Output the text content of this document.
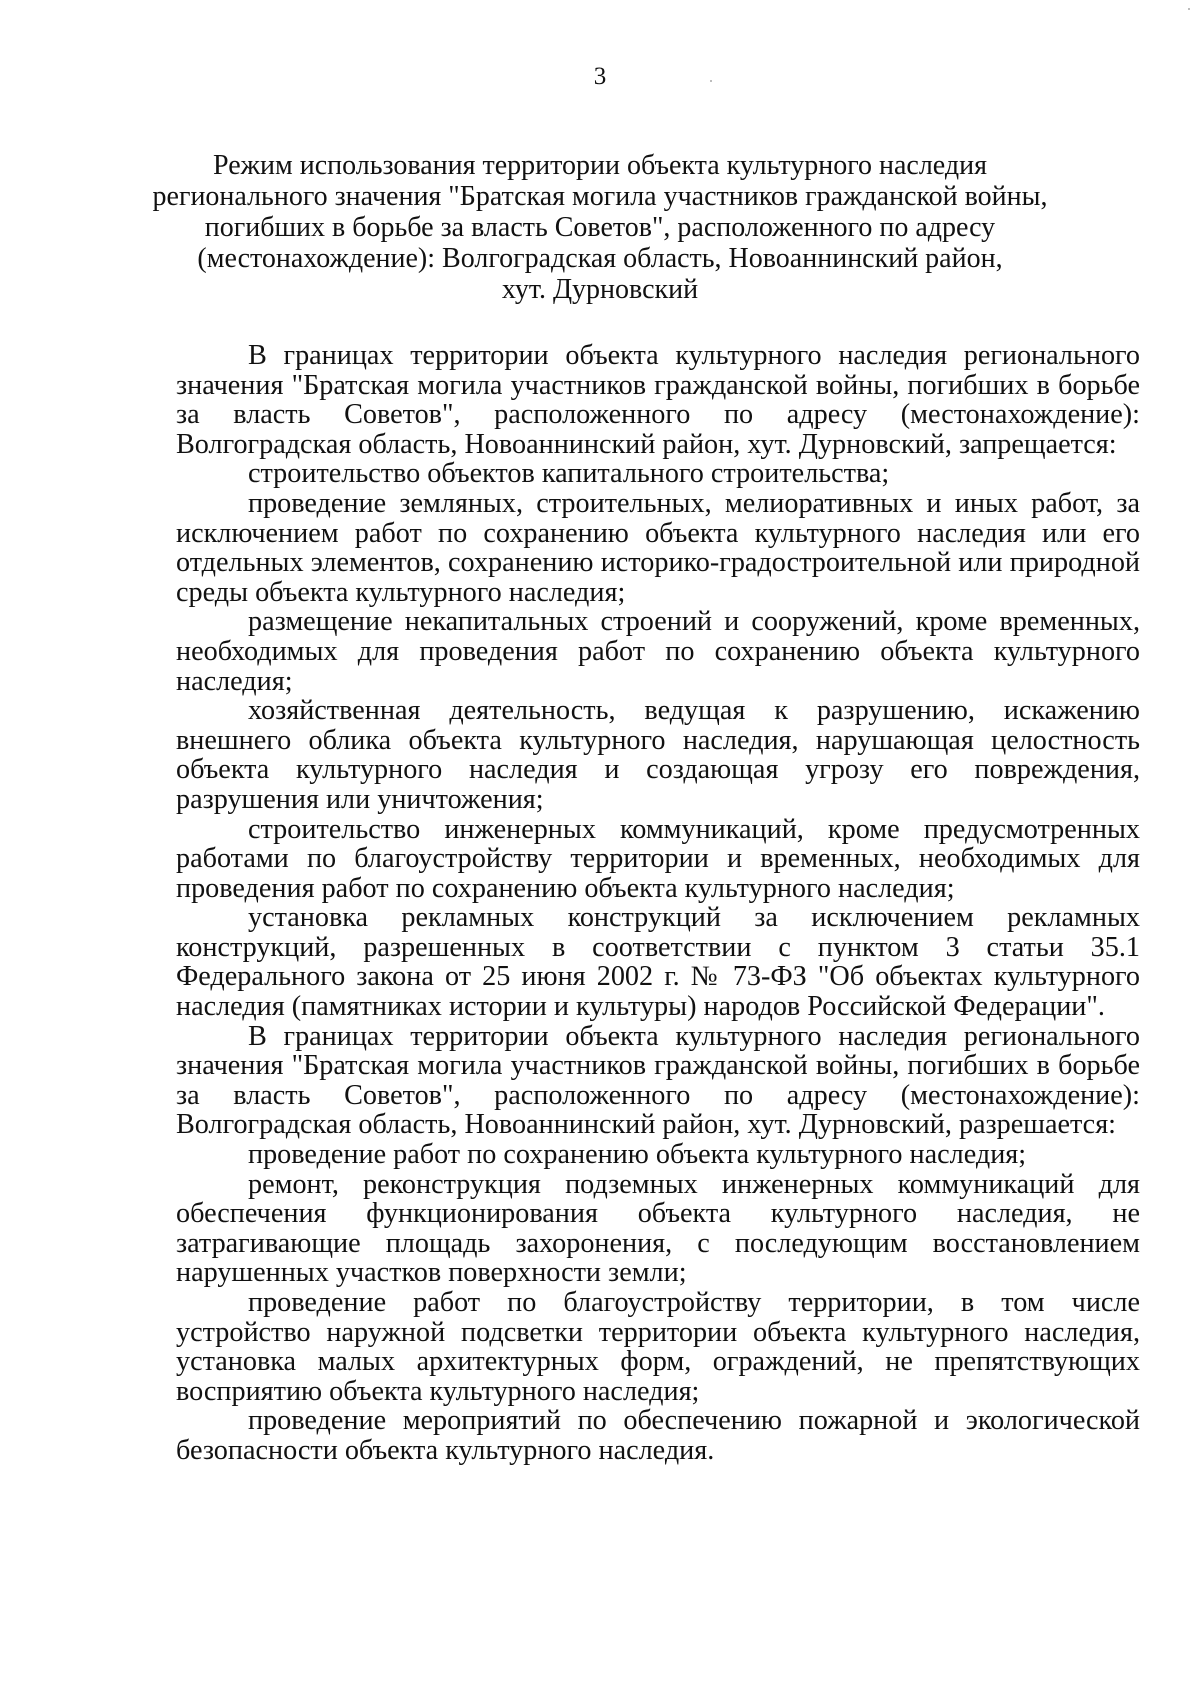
3
Режим использования территории объекта культурного наследия
регионального значения "Братская могила участников гражданской войны,
погибших в борьбе за власть Советов", расположенного по адресу
(местонахождение): Волгоградская область, Новоаннинский район,
хут. Дурновский

В границах территории объекта культурного наследия регионального значения "Братская могила участников гражданской войны, погибших в борьбе за власть Советов", расположенного по адресу (местонахождение): Волгоградская область, Новоаннинский район, хут. Дурновский, запрещается:

строительство объектов капитального строительства;

проведение земляных, строительных, мелиоративных и иных работ, за исключением работ по сохранению объекта культурного наследия или его отдельных элементов, сохранению историко-градостроительной или природной среды объекта культурного наследия;

размещение некапитальных строений и сооружений, кроме временных, необходимых для проведения работ по сохранению объекта культурного наследия;

хозяйственная деятельность, ведущая к разрушению, искажению внешнего облика объекта культурного наследия, нарушающая целостность объекта культурного наследия и создающая угрозу его повреждения, разрушения или уничтожения;

строительство инженерных коммуникаций, кроме предусмотренных работами по благоустройству территории и временных, необходимых для проведения работ по сохранению объекта культурного наследия;

установка рекламных конструкций за исключением рекламных конструкций, разрешенных в соответствии с пунктом 3 статьи 35.1 Федерального закона от 25 июня 2002 г. № 73-ФЗ "Об объектах культурного наследия (памятниках истории и культуры) народов Российской Федерации".

В границах территории объекта культурного наследия регионального значения "Братская могила участников гражданской войны, погибших в борьбе за власть Советов", расположенного по адресу (местонахождение): Волгоградская область, Новоаннинский район, хут. Дурновский, разрешается:

проведение работ по сохранению объекта культурного наследия;

ремонт, реконструкция подземных инженерных коммуникаций для обеспечения функционирования объекта культурного наследия, не затрагивающие площадь захоронения, с последующим восстановлением нарушенных участков поверхности земли;

проведение работ по благоустройству территории, в том числе устройство наружной подсветки территории объекта культурного наследия, установка малых архитектурных форм, ограждений, не препятствующих восприятию объекта культурного наследия;

проведение мероприятий по обеспечению пожарной и экологической безопасности объекта культурного наследия.
